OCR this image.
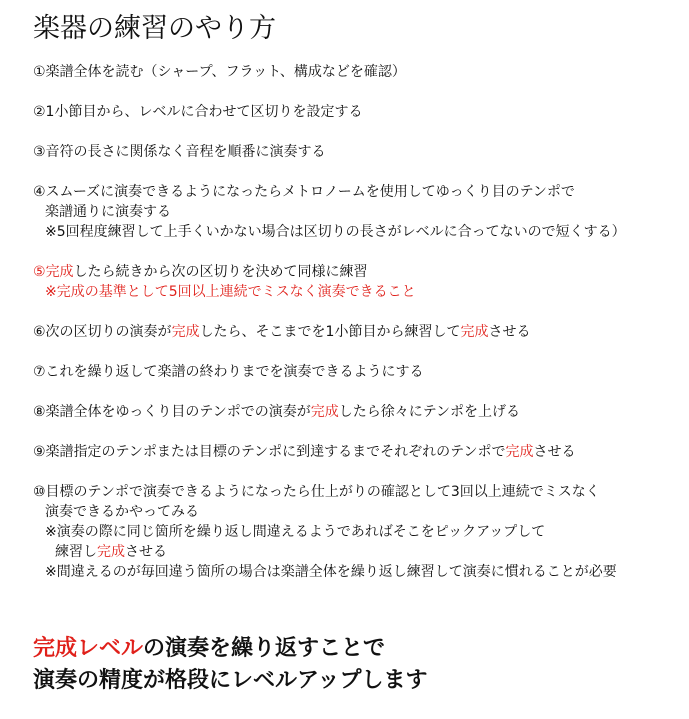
楽器の練習のやり方

①楽譜全体を読む（シャープ、フラット、構成などを確認）

②1小節目から、レベルに合わせて区切りを設定する

③音符の長さに関係なく音程を順番に演奏する

④スムーズに演奏できるようになったらメトロノームを使用してゆっくり目のテンポで

楽譜通りに演奏する

※5回程度練習して上手くいかない場合は区切りの長さがレベルに合ってないので短くする）

⑤完成したら続きから次の区切りを決めて同様に練習

※完成の基準として5回以上連続でミスなく演奏できること

⑥次の区切りの演奏が完成したら、そこまでを1小節目から練習して完成させる

⑦これを繰り返して楽譜の終わりまでを演奏できるようにする

⑧楽譜全体をゆっくり目のテンポでの演奏が完成したら徐々にテンポを上げる

⑨楽譜指定のテンポまたは目標のテンポに到達するまでそれぞれのテンポで完成させる

⑩目標のテンポで演奏できるようになったら仕上がりの確認として3回以上連続でミスなく

演奏できるかやってみる

※演奏の際に同じ箇所を繰り返し間違えるようであればそこをピックアップして

練習し完成させる

※間違えるのが毎回違う箇所の場合は楽譜全体を繰り返し練習して演奏に慣れることが必要

完成レベルの演奏を繰り返すことで
演奏の精度が格段にレベルアップします
